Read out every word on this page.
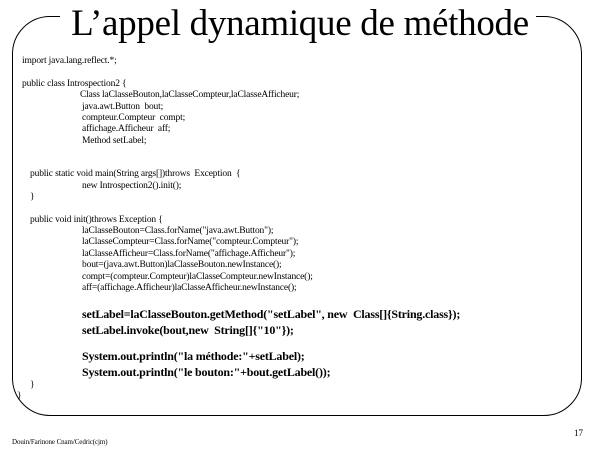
L’appel dynamique de méthode
import java.lang.reflect.*;
public class Introspection2 {
Class laClasseBouton,laClasseCompteur,laClasseAfficheur;
java.awt.Button  bout;
compteur.Compteur  compt;
affichage.Afficheur  aff;
Method setLabel;
public static void main(String args[])throws  Exception  {
new Introspection2().init();
}
public void init()throws Exception {
laClasseBouton=Class.forName("java.awt.Button");
laClasseCompteur=Class.forName("compteur.Compteur");
laClasseAfficheur=Class.forName("affichage.Afficheur");
bout=(java.awt.Button)laClasseBouton.newInstance();
compt=(compteur.Compteur)laClasseCompteur.newInstance();
aff=(affichage.Afficheur)laClasseAfficheur.newInstance();
setLabel=laClasseBouton.getMethod("setLabel", new  Class[]{String.class});
setLabel.invoke(bout,new  String[]{"10"});
System.out.println("la méthode:"+setLabel);
System.out.println("le bouton:"+bout.getLabel());
}
}
17
Douin/Farinone Cnam/Cedric(cjm)
